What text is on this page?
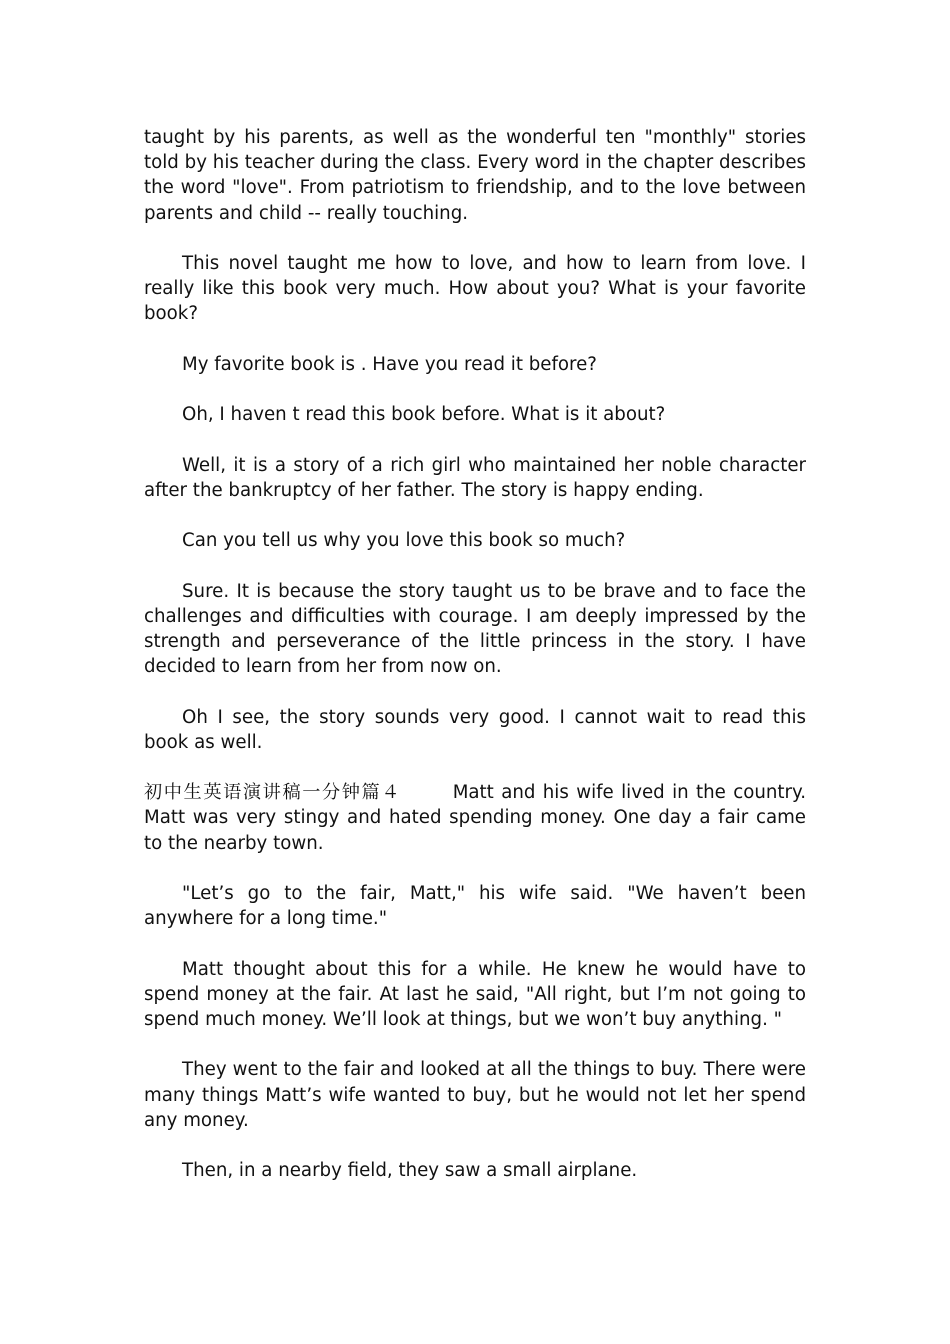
taught by his parents, as well as the wonderful ten "monthly" stories told by his teacher during the class. Every word in the chapter describes the word "love". From patriotism to friendship, and to the love between parents and child -- really touching.

This novel taught me how to love, and how to learn from love. I really like this book very much. How about you? What is your favorite book?

My favorite book is . Have you read it before?

Oh, I haven t read this book before. What is it about?

Well, it is a story of a rich girl who maintained her noble character after the bankruptcy of her father. The story is happy ending.

Can you tell us why you love this book so much?

Sure. It is because the story taught us to be brave and to face the challenges and difficulties with courage. I am deeply impressed by the strength and perseverance of the little princess in the story. I have decided to learn from her from now on.

Oh I see, the story sounds very good. I cannot wait to read this book as well.

初中生英语演讲稿一分钟篇４	Matt and his wife lived in the country. Matt was very stingy and hated spending money. One day a fair came to the nearby town.

"Let’s go to the fair, Matt," his wife said. "We haven’t been anywhere for a long time."

Matt thought about this for a while. He knew he would have to spend money at the fair. At last he said, "All right, but I’m not going to spend much money. We’ll look at things, but we won’t buy anything. "

They went to the fair and looked at all the things to buy. There were many things Matt’s wife wanted to buy, but he would not let her spend any money.

Then, in a nearby field, they saw a small airplane.
